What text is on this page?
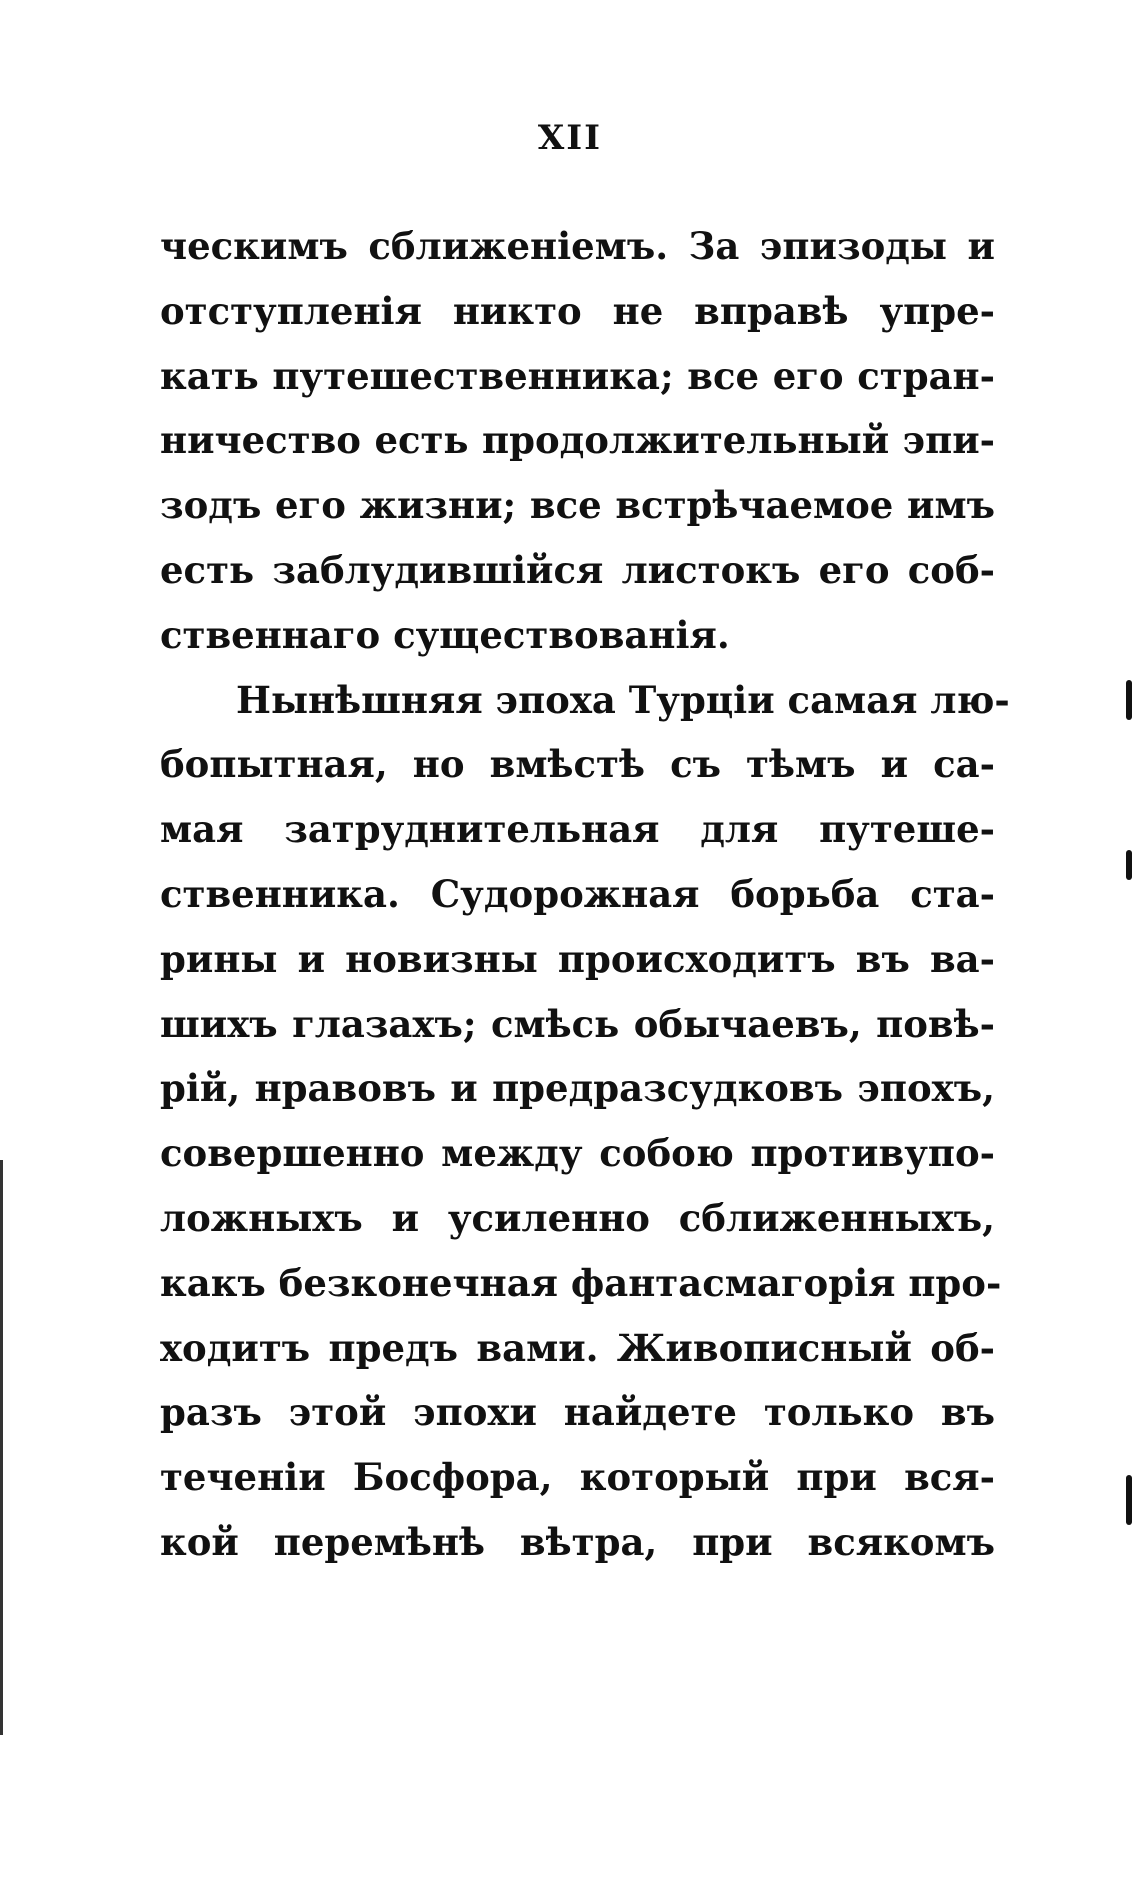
XII
ческимъ сближеніемъ. За эпизоды и
отступленія никто не вправѣ упре-
кать путешественника; все его стран-
ничество есть продолжительный эпи-
зодъ его жизни; все встрѣчаемое имъ
есть заблудившійся листокъ его соб-
ственнаго существованія.
Нынѣшняя эпоха Турціи самая лю-
бопытная, но вмѣстѣ съ тѣмъ и са-
мая затруднительная для путеше-
ственника. Судорожная борьба ста-
рины и новизны происходитъ въ ва-
шихъ глазахъ; смѣсь обычаевъ, повѣ-
рій, нравовъ и предразсудковъ эпохъ,
совершенно между собою противупо-
ложныхъ и усиленно сближенныхъ,
какъ безконечная фантасмагорія про-
ходитъ предъ вами. Живописный об-
разъ этой эпохи найдете только въ
теченіи Босфора, который при вся-
кой перемѣнѣ вѣтра, при всякомъ
